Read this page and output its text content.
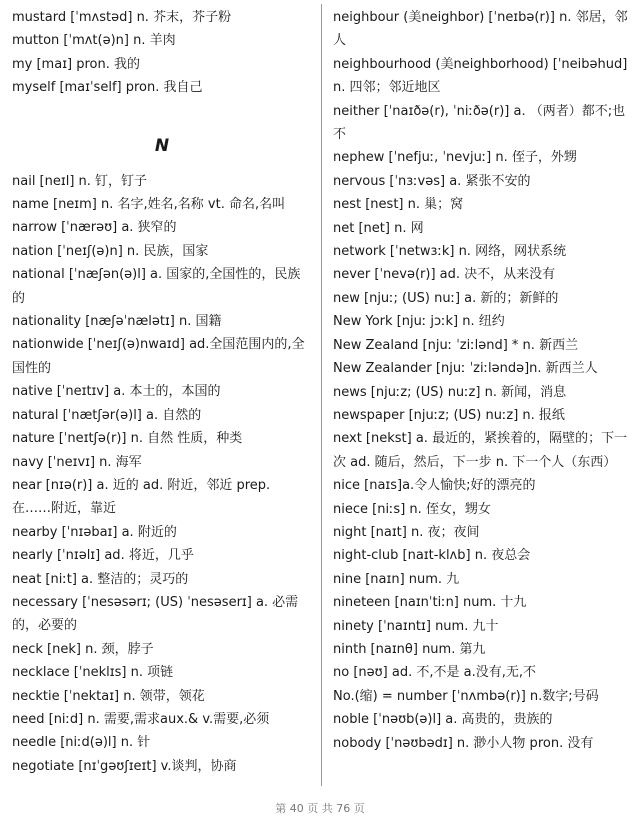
mustard [ˈmʌstəd] n. 芥末，芥子粉
mutton [ˈmʌt(ə)n] n. 羊肉
my [maɪ] pron. 我的
myself [maɪˈself] pron. 我自己
N
nail [neɪl] n. 钉，钉子
name [neɪm] n. 名字,姓名,名称 vt. 命名,名叫
narrow [ˈnærəʊ] a. 狭窄的
nation [ˈneɪʃ(ə)n] n. 民族，国家
national [ˈnæʃən(ə)l] a. 国家的,全国性的，民族的
nationality [næʃəˈnælətɪ] n. 国籍
nationwide [ˈneɪʃ(ə)nwaɪd] ad.全国范围内的,全国性的
native [ˈneɪtɪv] a. 本土的，本国的
natural [ˈnætʃər(ə)l] a. 自然的
nature [ˈneɪtʃə(r)] n. 自然 性质，种类
navy [ˈneɪvɪ] n. 海军
near [nɪə(r)] a. 近的 ad. 附近，邻近 prep. 在……附近，靠近
nearby [ˈnɪəbaɪ] a. 附近的
nearly [ˈnɪəlɪ] ad. 将近，几乎
neat [niːt] a. 整洁的；灵巧的
necessary [ˈnesəsərɪ; (US) ˈnesəserɪ] a. 必需的，必要的
neck [nek] n. 颈，脖子
necklace [ˈneklɪs] n. 项链
necktie [ˈnektaɪ] n. 领带，领花
need [niːd] n. 需要,需求aux.& v.需要,必须
needle [niːd(ə)l] n. 针
negotiate [nɪˈgəʊʃɪeɪt] v.谈判，协商
neighbour (美neighbor) [ˈneɪbə(r)] n. 邻居，邻人
neighbourhood (美neighborhood) [ˈneibəhud] n. 四邻；邻近地区
neither [ˈnaɪðə(r), ˈniːðə(r)] a. （两者）都不;也不
nephew [ˈnefjuː, ˈnevjuː] n. 侄子，外甥
nervous [ˈnɜːvəs] a. 紧张不安的
nest [nest] n. 巢；窝
net [net] n. 网
network [ˈnetwɜːk] n. 网络，网状系统
never [ˈnevə(r)] ad. 决不，从来没有
new [njuː; (US) nuː] a. 新的；新鲜的
New York [njuː jɔːk] n. 纽约
New Zealand [njuː ˈziːlənd] * n. 新西兰
New Zealander [njuː ˈziːləndə]n. 新西兰人
news [njuːz; (US) nuːz] n. 新闻，消息
newspaper [njuːz; (US) nuːz] n. 报纸
next [nekst] a. 最近的，紧挨着的，隔壁的；下一次 ad. 随后，然后，下一步 n. 下一个人（东西）
nice [naɪs]a.令人愉快;好的漂亮的
niece [niːs] n. 侄女，甥女
night [naɪt] n. 夜；夜间
night-club [naɪt-klʌb] n. 夜总会
nine [naɪn] num. 九
nineteen [naɪnˈtiːn] num. 十九
ninety [ˈnaɪntɪ] num. 九十
ninth [naɪnθ] num. 第九
no [nəʊ] ad. 不,不是 a.没有,无,不
No.(缩) = number [ˈnʌmbə(r)] n.数字;号码
noble [ˈnəʊb(ə)l] a. 高贵的，贵族的
nobody [ˈnəʊbədɪ] n. 渺小人物 pron. 没有
第 40 页 共 76 页
